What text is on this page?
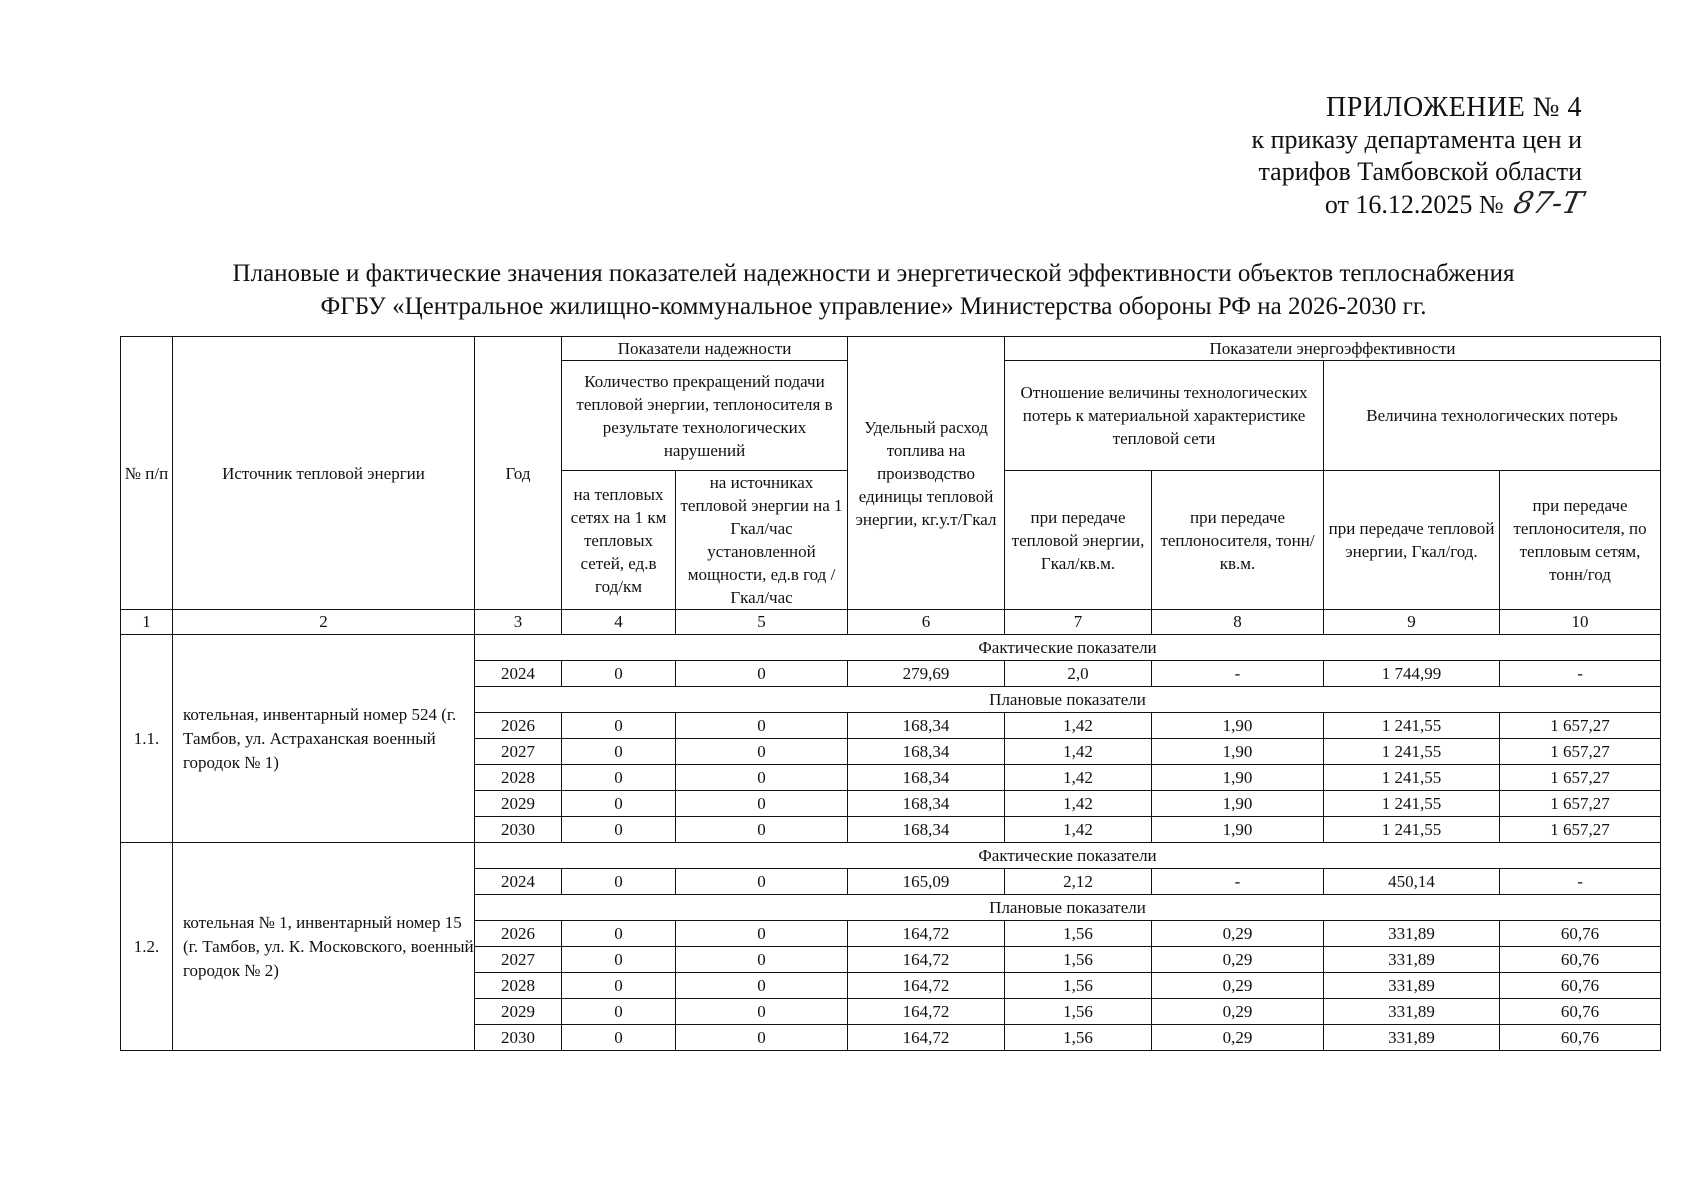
ПРИЛОЖЕНИЕ № 4
к приказу департамента цен и
тарифов Тамбовской области
от 16.12.2025 № 87-Т
Плановые и фактические значения показателей надежности и энергетической эффективности объектов теплоснабжения
ФГБУ «Центральное жилищно-коммунальное управление» Министерства обороны РФ на 2026-2030 гг.
№ п/п	Источник тепловой энергии	Год	Показатели надежности		Удельный расход топлива на производство единицы тепловой энергии, кг.у.т/Гкал	Показатели энергоэффективности			
			Количество прекращений подачи тепловой энергии, теплоносителя в результате технологических нарушений			Отношение величины технологических потерь к материальной характеристике тепловой сети		Величина технологических потерь	
			на тепловых сетях на 1 км тепловых сетей, ед.в год/км	на источниках тепловой энергии на 1 Гкал/час установленной мощности, ед.в год /Гкал/час		при передаче тепловой энергии, Гкал/кв.м.	при передаче теплоносителя, тонн/кв.м.	при передаче тепловой энергии, Гкал/год.	при передаче теплоносителя, по тепловым сетям, тонн/год
1	2	3	4	5	6	7	8	9	10
1.1.	котельная, инвентарный номер 524 (г. Тамбов, ул. Астраханская военный городок № 1)	Фактические показатели							
		2024	0	0	279,69	2,0	-	1 744,99	-
		Плановые показатели							
		2026	0	0	168,34	1,42	1,90	1 241,55	1 657,27
		2027	0	0	168,34	1,42	1,90	1 241,55	1 657,27
		2028	0	0	168,34	1,42	1,90	1 241,55	1 657,27
		2029	0	0	168,34	1,42	1,90	1 241,55	1 657,27
		2030	0	0	168,34	1,42	1,90	1 241,55	1 657,27
1.2.	котельная № 1, инвентарный номер 15 (г. Тамбов, ул. К. Московского, военный городок № 2)	Фактические показатели							
		2024	0	0	165,09	2,12	-	450,14	-
		Плановые показатели							
		2026	0	0	164,72	1,56	0,29	331,89	60,76
		2027	0	0	164,72	1,56	0,29	331,89	60,76
		2028	0	0	164,72	1,56	0,29	331,89	60,76
		2029	0	0	164,72	1,56	0,29	331,89	60,76
		2030	0	0	164,72	1,56	0,29	331,89	60,76
